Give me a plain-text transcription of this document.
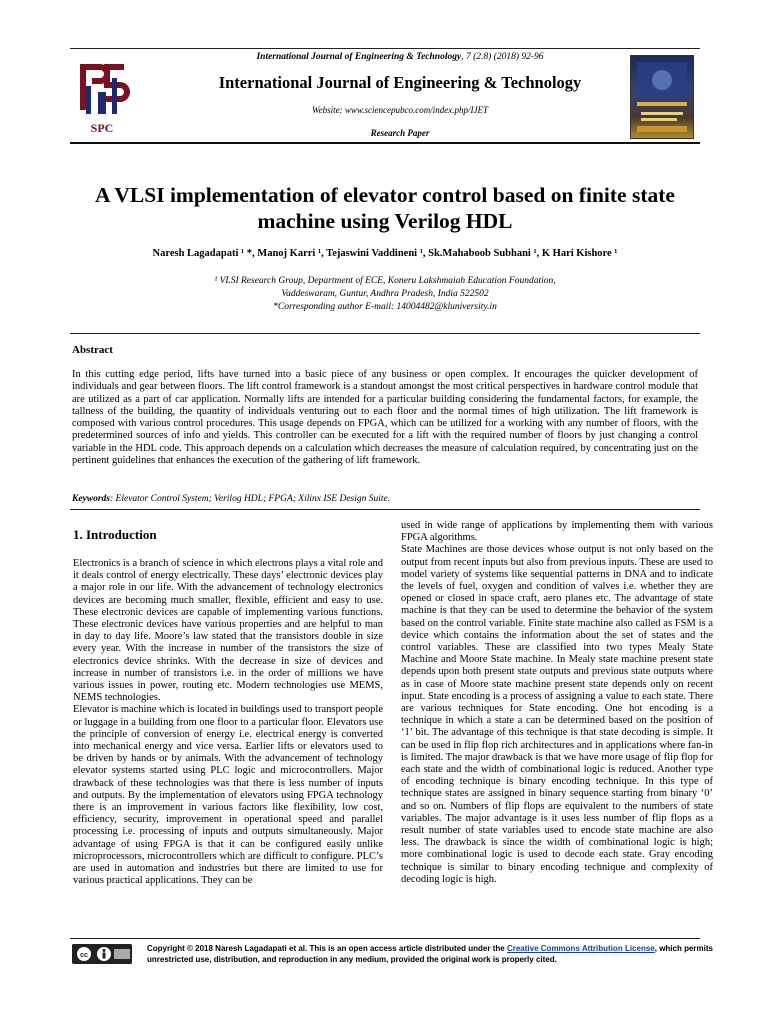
SPC
International Journal of Engineering & Technology, 7 (2.8) (2018) 92-96
International Journal of Engineering & Technology
Website: www.sciencepubco.com/index.php/IJET
Research Paper
A VLSI implementation of elevator control based on finite state
machine using Verilog HDL
Naresh Lagadapati ¹ *, Manoj Karri ¹, Tejaswini Vaddineni ¹, Sk.Mahaboob Subhani ¹, K Hari Kishore ¹
¹ VLSI Research Group, Department of ECE, Koneru Lakshmaiah Education Foundation,
Vaddeswaram, Guntur, Andhra Pradesh, India 522502
*Corresponding author E-mail: 14004482@kluniversity.in
Abstract
In this cutting edge period, lifts have turned into a basic piece of any business or open complex. It encourages the quicker development of individuals and gear between floors. The lift control framework is a standout amongst the most critical perspectives in hardware control module that are utilized as a part of car application. Normally lifts are intended for a particular building considering the fundamental factors, for example, the tallness of the building, the quantity of individuals venturing out to each floor and the normal times of high utilization. The lift framework is composed with various control procedures. This usage depends on FPGA, which can be utilized for a working with any number of floors, with the predetermined sources of info and yields. This controller can be executed for a lift with the required number of floors by just changing a control variable in the HDL code. This approach depends on a calculation which decreases the measure of calculation required, by concentrating just on the pertinent guidelines that enhances the execution of the gathering of lift framework.
Keywords: Elevator Control System; Verilog HDL; FPGA; Xilinx ISE Design Suite.
1. Introduction

Electronics is a branch of science in which electrons plays a vital role and it deals control of energy electrically. These days’ electronic devices play a major role in our life. With the advancement of technology electronics devices are becoming much smaller, flexible, efficient and easy to use. These electronic devices are capable of implementing various functions. These electronic devices have various properties and are helpful to man in day to day life. Moore’s law stated that the transistors double in size every year. With the increase in number of the transistors the size of electronics device shrinks. With the decrease in size of devices and increase in number of transistors i.e. in the order of millions we have various issues in power, routing etc. Modern technologies use MEMS, NEMS technologies.

Elevator is machine which is located in buildings used to transport people or luggage in a building from one floor to a particular floor. Elevators use the principle of conversion of energy i.e. electrical energy is converted into mechanical energy and vice versa. Earlier lifts or elevators used to be driven by hands or by animals. With the advancement of technology elevator systems started using PLC logic and microcontrollers. Major drawback of these technologies was that there is less number of inputs and outputs. By the implementation of elevators using FPGA technology there is an improvement in various factors like flexibility, low cost, efficiency, security, improvement in operational speed and parallel processing i.e. processing of inputs and outputs simultaneously. Major advantage of using FPGA is that it can be configured easily unlike microprocessors, microcontrollers which are difficult to configure. PLC’s are used in automation and industries but there are limited to use for various practical applications. They can be

used in wide range of applications by implementing them with various FPGA algorithms.

State Machines are those devices whose output is not only based on the output from recent inputs but also from previous inputs. These are used to model variety of systems like sequential patterns in DNA and to indicate the levels of fuel, oxygen and condition of valves i.e. whether they are opened or closed in space craft, aero planes etc. The advantage of state machine is that they can be used to determine the behavior of the system based on the control variable. Finite state machine also called as FSM is a device which contains the information about the set of states and the control variables. These are classified into two types Mealy State Machine and Moore State machine. In Mealy state machine present state depends upon both present state outputs and previous state outputs where as in case of Moore state machine present state depends only on recent input. State encoding is a process of assigning a value to each state. There are various techniques for State encoding. One hot encoding is a technique in which a state a can be determined based on the position of ‘1’ bit. The advantage of this technique is that state decoding is simple. It can be used in flip flop rich architectures and in applications where fan-in is limited. The major drawback is that we have more usage of flip flop for each state and the width of combinational logic is reduced. Another type of encoding technique is binary encoding technique. In this type of technique states are assigned in binary sequence starting from binary ‘0’ and so on. Numbers of flip flops are equivalent to the numbers of state variables. The major advantage is it uses less number of flip flops as a result number of state variables used to encode state machine are also less. The drawback is since the width of combinational logic is high; more combinational logic is used to decode each state. Gray encoding technique is similar to binary encoding technique and complexity of decoding logic is high.

cc
Copyright © 2018 Naresh Lagadapati et al. This is an open access article distributed under the Creative Commons Attribution License, which permits unrestricted use, distribution, and reproduction in any medium, provided the original work is properly cited.
